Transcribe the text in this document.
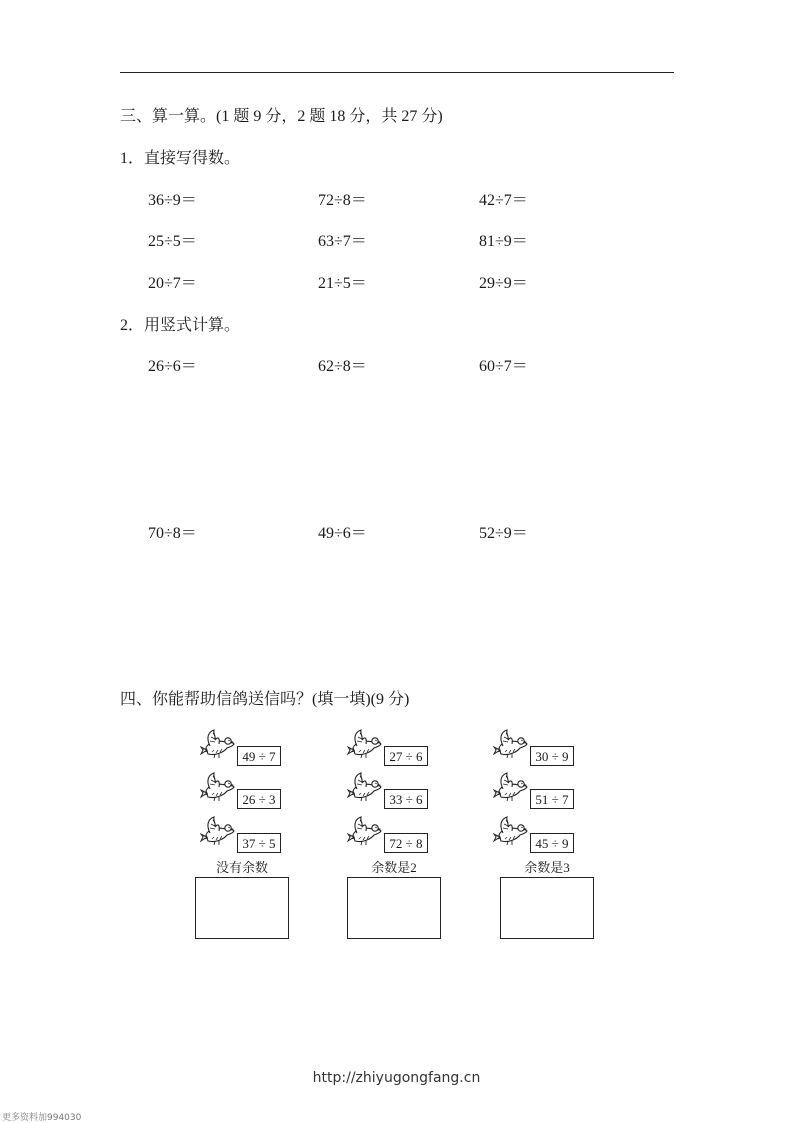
三、算一算。(1 题 9 分，2 题 18 分，共 27 分)
1．直接写得数。
36÷9＝	72÷8＝	42÷7＝
25÷5＝	63÷7＝	81÷9＝
20÷7＝	21÷5＝	29÷9＝
2．用竖式计算。
26÷6＝	62÷8＝	60÷7＝
70÷8＝	49÷6＝	52÷9＝
四、你能帮助信鸽送信吗？(填一填)(9 分)
49 ÷ 7
26 ÷ 3
37 ÷ 5
没有余数
27 ÷ 6
33 ÷ 6
72 ÷ 8
余数是2
30 ÷ 9
51 ÷ 7
45 ÷ 9
余数是3
http://zhiyugongfang.cn
更多资料加994030
